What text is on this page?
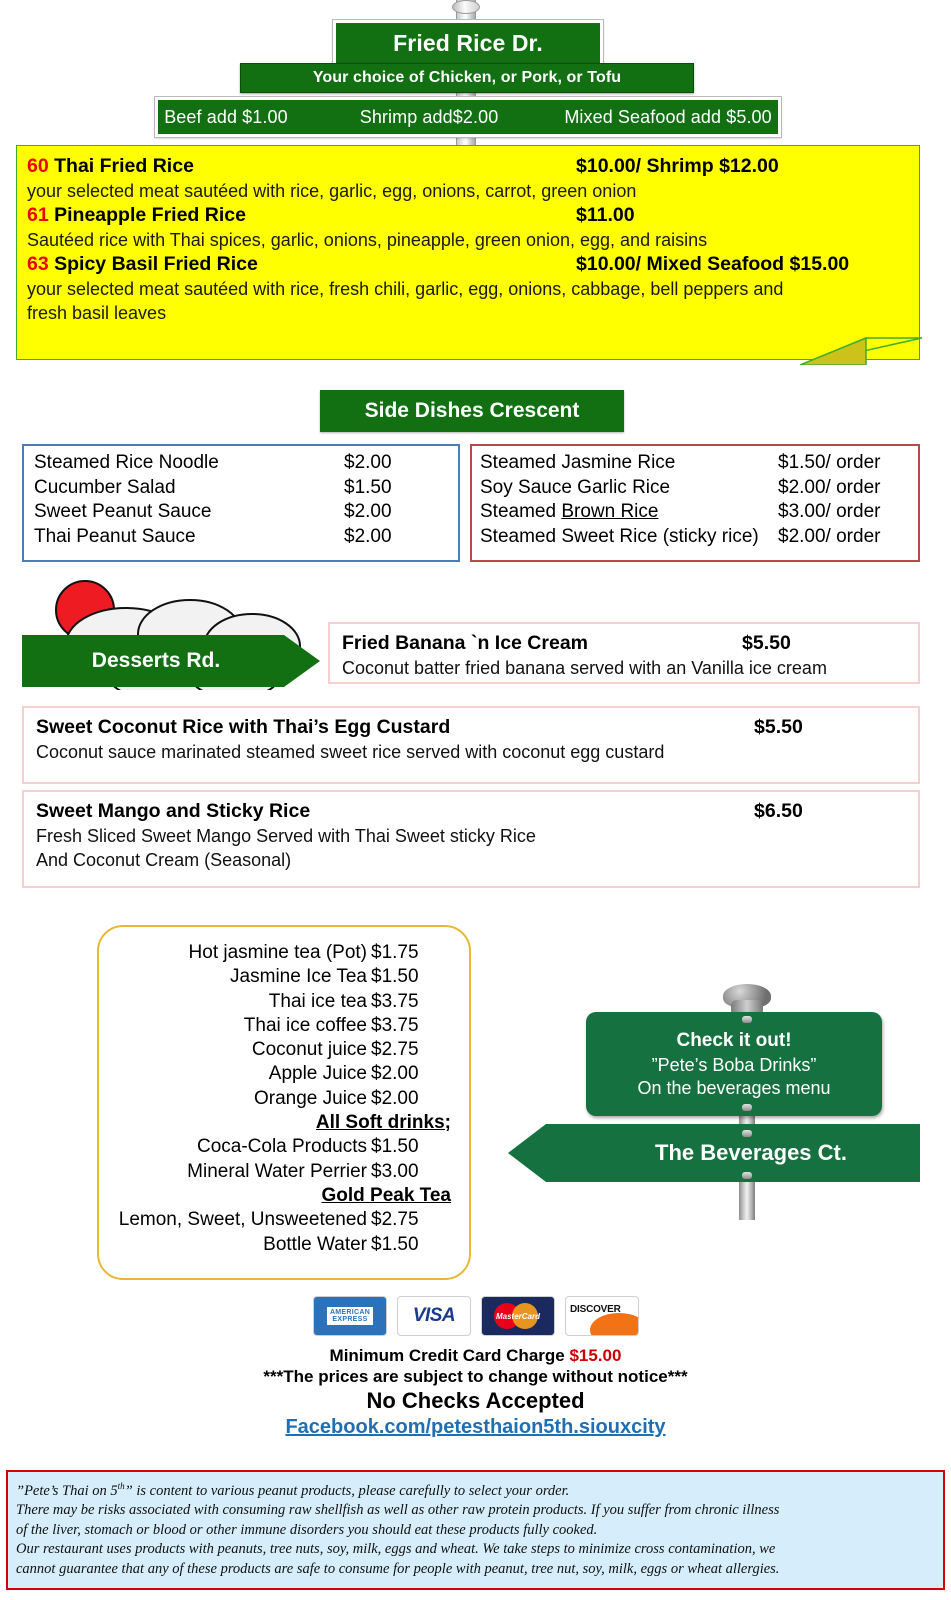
Fried Rice Dr.
Your choice of Chicken, or Pork, or Tofu
Beef add $1.00	Shrimp add$2.00	Mixed Seafood add $5.00
60 Thai Fried Rice	$10.00/ Shrimp $12.00
your selected meat sautéed with rice, garlic, egg, onions, carrot, green onion
61 Pineapple Fried Rice	$11.00
Sautéed rice with Thai spices, garlic, onions, pineapple, green onion, egg, and raisins
63 Spicy Basil Fried Rice	$10.00/ Mixed Seafood $15.00
your selected meat sautéed with rice, fresh chili, garlic, egg, onions, cabbage, bell peppers and
fresh basil leaves
Side Dishes Crescent
Steamed Rice Noodle	$2.00
Cucumber Salad	$1.50
Sweet Peanut Sauce	$2.00
Thai Peanut Sauce	$2.00
Steamed Jasmine Rice	$1.50/ order
Soy Sauce Garlic Rice	$2.00/ order
Steamed Brown Rice	$3.00/ order
Steamed Sweet Rice (sticky rice) $2.00/ order
Desserts Rd.
Fried Banana `n Ice Cream	$5.50
Coconut batter fried banana served with an Vanilla ice cream
Sweet Coconut Rice with Thai’s Egg Custard	$5.50
Coconut sauce marinated steamed sweet rice served with coconut egg custard
Sweet Mango and Sticky Rice	$6.50
Fresh Sliced Sweet Mango Served with Thai Sweet sticky Rice
And Coconut Cream (Seasonal)
Hot jasmine tea (Pot) $1.75
Jasmine Ice Tea $1.50
Thai ice tea $3.75
Thai ice coffee $3.75
Coconut juice $2.75
Apple Juice $2.00
Orange Juice $2.00
All Soft drinks;
Coca-Cola Products $1.50
Mineral Water Perrier $3.00
Gold Peak Tea
Lemon, Sweet, Unsweetened $2.75
Bottle Water $1.50
Check it out!
”Pete’s Boba Drinks”
On the beverages menu
The Beverages Ct.
AMERICAN
EXPRESS VISA	MasterCard
DISCOVER
Minimum Credit Card Charge $15.00
***The prices are subject to change without notice***
No Checks Accepted
Facebook.com/petesthaion5th.siouxcity

”Pete’s Thai on 5th” is content to various peanut products, please carefully to select your order.

There may be risks associated with consuming raw shellfish as well as other raw protein products. If you suffer from chronic illness

of the liver, stomach or blood or other immune disorders you should eat these products fully cooked.

Our restaurant uses products with peanuts, tree nuts, soy, milk, eggs and wheat. We take steps to minimize cross contamination, we

cannot guarantee that any of these products are safe to consume for people with peanut, tree nut, soy, milk, eggs or wheat allergies.
